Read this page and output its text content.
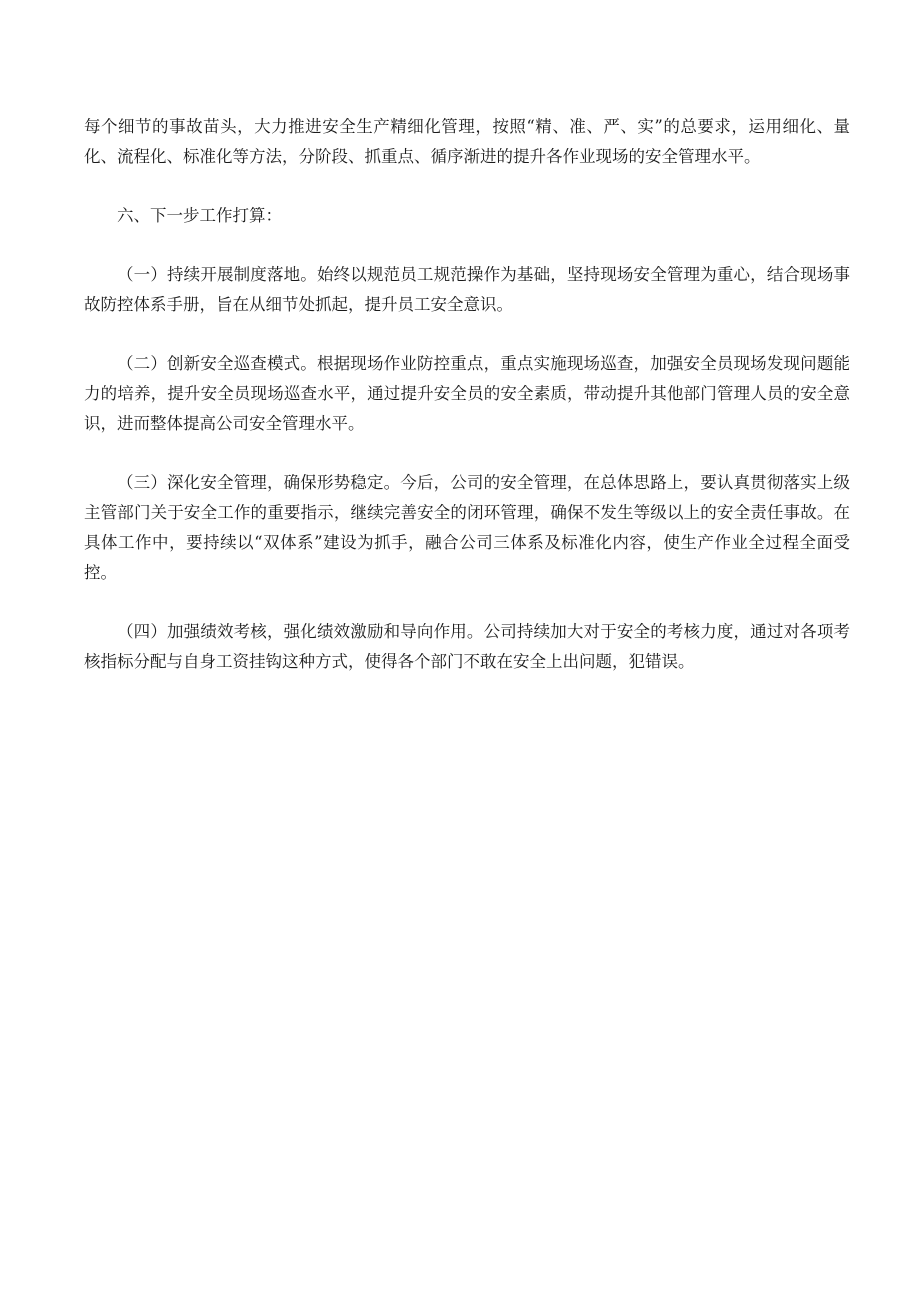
每个细节的事故苗头，大力推进安全生产精细化管理，按照“精、准、严、实”的总要求，运用细化、量化、流程化、标准化等方法，分阶段、抓重点、循序渐进的提升各作业现场的安全管理水平。

六、下一步工作打算：

（一）持续开展制度落地。始终以规范员工规范操作为基础，坚持现场安全管理为重心，结合现场事故防控体系手册，旨在从细节处抓起，提升员工安全意识。

（二）创新安全巡查模式。根据现场作业防控重点，重点实施现场巡查，加强安全员现场发现问题能力的培养，提升安全员现场巡查水平，通过提升安全员的安全素质，带动提升其他部门管理人员的安全意识，进而整体提高公司安全管理水平。

（三）深化安全管理，确保形势稳定。今后，公司的安全管理，在总体思路上，要认真贯彻落实上级主管部门关于安全工作的重要指示，继续完善安全的闭环管理，确保不发生等级以上的安全责任事故。在具体工作中，要持续以“双体系”建设为抓手，融合公司三体系及标准化内容，使生产作业全过程全面受控。

（四）加强绩效考核，强化绩效激励和导向作用。公司持续加大对于安全的考核力度，通过对各项考核指标分配与自身工资挂钩这种方式，使得各个部门不敢在安全上出问题，犯错误。
